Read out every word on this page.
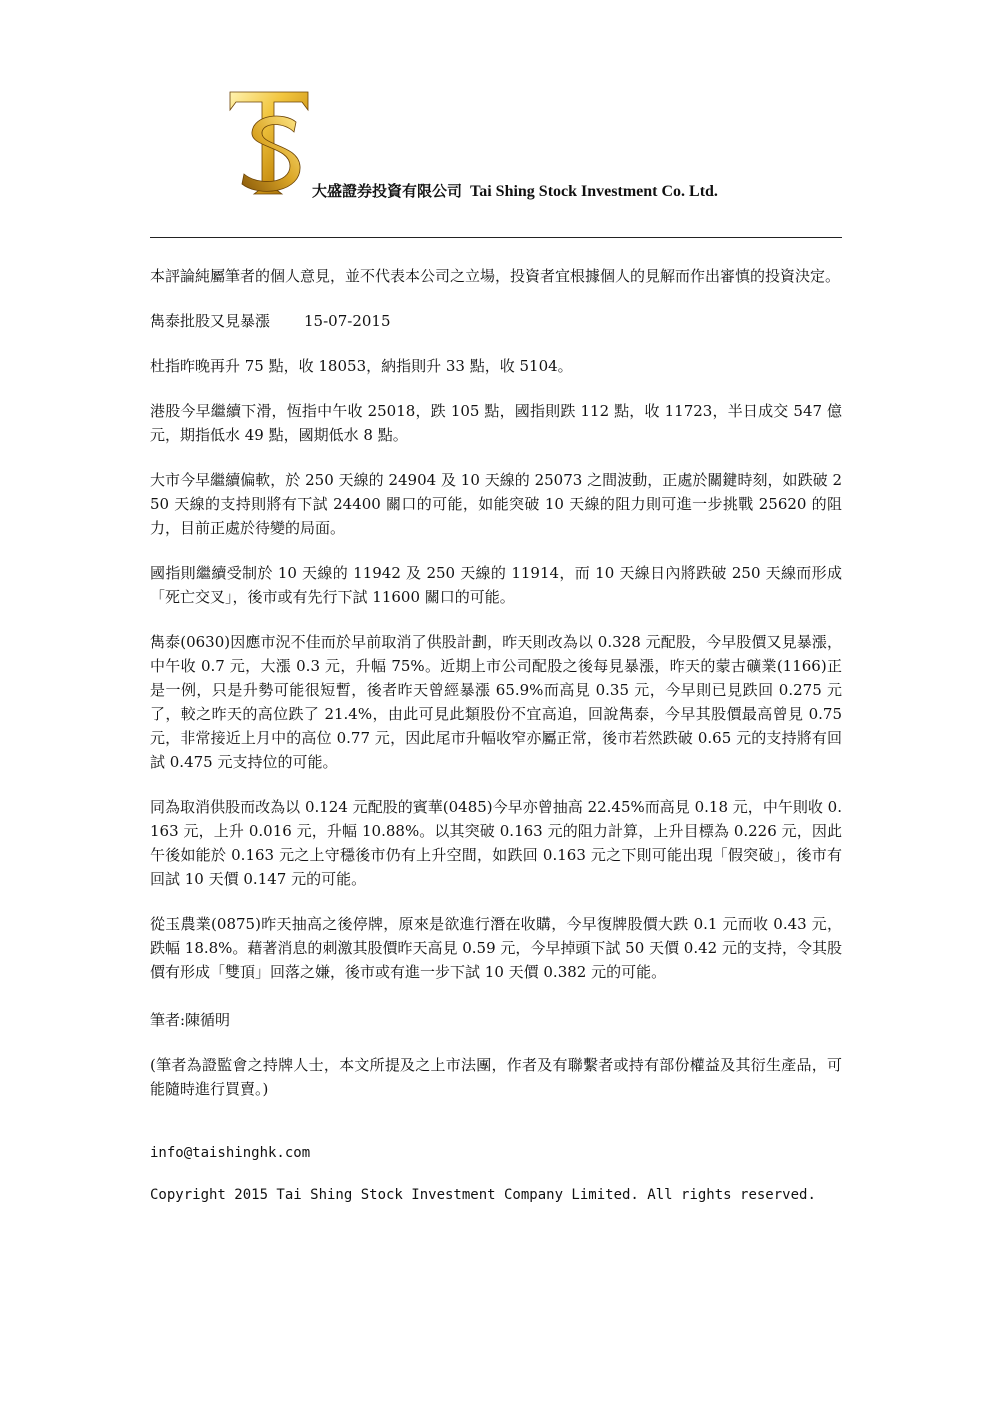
大盛證券投資有限公司 Tai Shing Stock Investment Co. Ltd.

本評論純屬筆者的個人意見，並不代表本公司之立場，投資者宜根據個人的見解而作出審慎的投資決定。

雋泰批股又見暴漲 15-07-2015

杜指昨晚再升 75 點，收 18053，納指則升 33 點，收 5104。

港股今早繼續下滑，恆指中午收 25018，跌 105 點，國指則跌 112 點，收 11723，半日成交 547 億元，期指低水 49 點，國期低水 8 點。

大市今早繼續偏軟，於 250 天線的 24904 及 10 天線的 25073 之間波動，正處於關鍵時刻，如跌破 250 天線的支持則將有下試 24400 關口的可能，如能突破 10 天線的阻力則可進一步挑戰 25620 的阻力，目前正處於待變的局面。

國指則繼續受制於 10 天線的 11942 及 250 天線的 11914，而 10 天線日內將跌破 250 天線而形成「死亡交叉」，後市或有先行下試 11600 關口的可能。

雋泰(0630)因應市況不佳而於早前取消了供股計劃，昨天則改為以 0.328 元配股，今早股價又見暴漲，中午收 0.7 元，大漲 0.3 元，升幅 75%。近期上市公司配股之後每見暴漲，昨天的蒙古礦業(1166)正是一例，只是升勢可能很短暫，後者昨天曾經暴漲 65.9%而高見 0.35 元，今早則已見跌回 0.275 元了，較之昨天的高位跌了 21.4%，由此可見此類股份不宜高追，回說雋泰，今早其股價最高曾見 0.75 元，非常接近上月中的高位 0.77 元，因此尾市升幅收窄亦屬正常，後市若然跌破 0.65 元的支持將有回試 0.475 元支持位的可能。

同為取消供股而改為以 0.124 元配股的賓華(0485)今早亦曾抽高 22.45%而高見 0.18 元，中午則收 0.163 元，上升 0.016 元，升幅 10.88%。以其突破 0.163 元的阻力計算，上升目標為 0.226 元，因此午後如能於 0.163 元之上守穩後市仍有上升空間，如跌回 0.163 元之下則可能出現「假突破」，後市有回試 10 天價 0.147 元的可能。

從玉農業(0875)昨天抽高之後停牌，原來是欲進行潛在收購，今早復牌股價大跌 0.1 元而收 0.43 元，跌幅 18.8%。藉著消息的刺激其股價昨天高見 0.59 元，今早掉頭下試 50 天價 0.42 元的支持，令其股價有形成「雙頂」回落之嫌，後市或有進一步下試 10 天價 0.382 元的可能。

筆者:陳循明

(筆者為證監會之持牌人士，本文所提及之上市法團，作者及有聯繫者或持有部份權益及其衍生產品，可能隨時進行買賣。)

info@taishinghk.com

Copyright 2015 Tai Shing Stock Investment Company Limited. All rights reserved.
